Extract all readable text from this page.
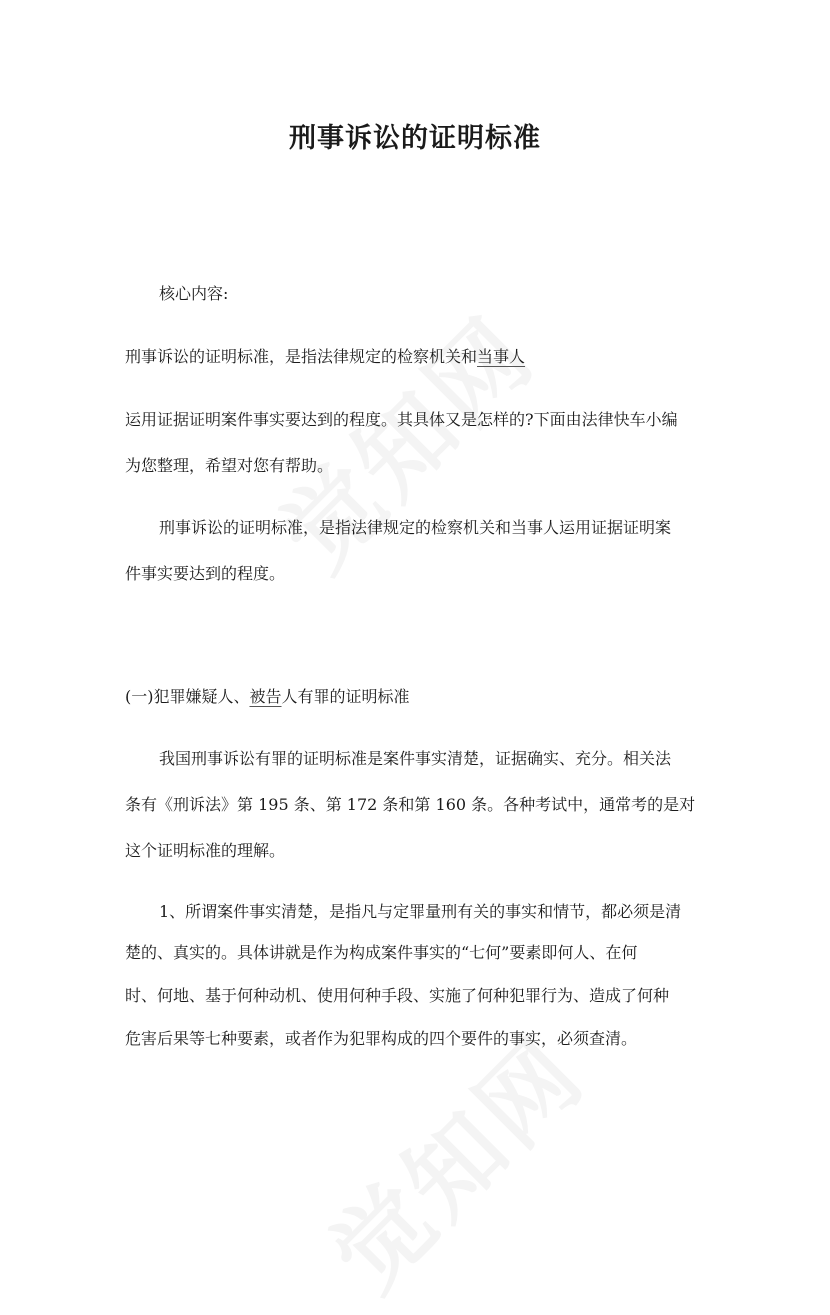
刑事诉讼的证明标准

核心内容:

刑事诉讼的证明标准，是指法律规定的检察机关和当事人

运用证据证明案件事实要达到的程度。其具体又是怎样的?下面由法律快车小编

为您整理，希望对您有帮助。

刑事诉讼的证明标准，是指法律规定的检察机关和当事人运用证据证明案

件事实要达到的程度。

(一)犯罪嫌疑人、被告人有罪的证明标准

我国刑事诉讼有罪的证明标准是案件事实清楚，证据确实、充分。相关法

条有《刑诉法》第 195 条、第 172 条和第 160 条。各种考试中，通常考的是对

这个证明标准的理解。

1、所谓案件事实清楚，是指凡与定罪量刑有关的事实和情节，都必须是清

楚的、真实的。具体讲就是作为构成案件事实的“七何”要素即何人、在何

时、何地、基于何种动机、使用何种手段、实施了何种犯罪行为、造成了何种

危害后果等七种要素，或者作为犯罪构成的四个要件的事实，必须查清。
